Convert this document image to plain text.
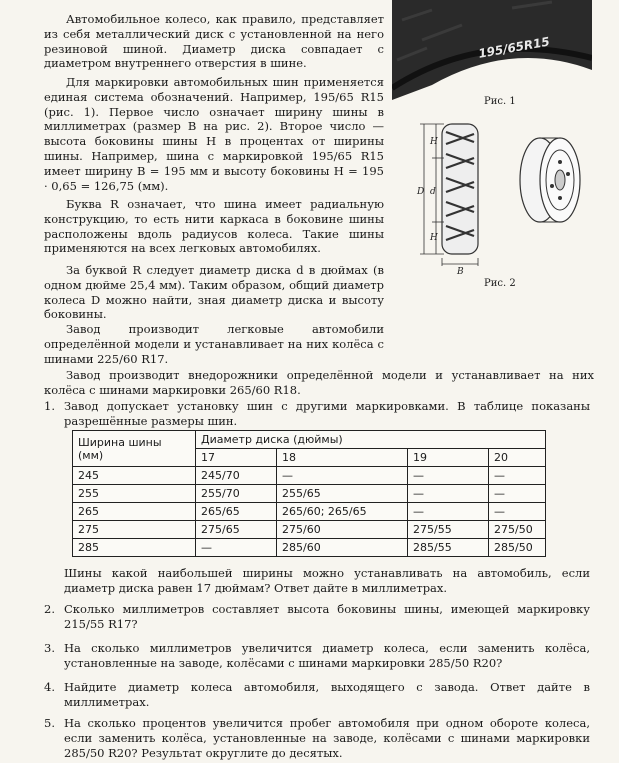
Автомобильное колесо, как правило, представляет из себя металлический диск с установленной на него резиновой шиной. Диаметр диска совпадает с диаметром внутреннего отверстия в шине.
Для маркировки автомобильных шин применяется единая система обозначений. Например, 195/65 R15 (рис. 1). Первое число означает ширину шины в миллиметрах (размер B на рис. 2). Второе число — высота боковины шины H в процентах от ширины шины. Например, шина с маркировкой 195/65 R15 имеет ширину B = 195 мм и высоту боковины H = 195 · 0,65 = 126,75 (мм).
Буква R означает, что шина имеет радиальную конструкцию, то есть нити каркаса в боковине шины расположены вдоль радиусов колеса. Такие шины применяются на всех легковых автомобилях.
За буквой R следует диаметр диска d в дюймах (в одном дюйме 25,4 мм). Таким образом, общий диаметр колеса D можно найти, зная диаметр диска и высоту боковины.
Завод производит легковые автомобили определённой модели и устанавливает на них колёса с шинами 225/60 R17.
Завод производит внедорожники определённой модели и устанавливает на них колёса с шинами маркировки 265/60 R18.
195/65R15
Рис. 1
H
d
D
H
B
Рис. 2
1. Завод допускает установку шин с другими маркировками. В таблице показаны разрешённые размеры шин.
Ширина шины (мм)	Диаметр диска (дюймы)			
	17	18	19	20
245	245/70	—	—	—
255	255/70	255/65	—	—
265	265/65	265/60; 265/65	—	—
275	275/65	275/60	275/55	275/50
285	—	285/60	285/55	285/50
Шины какой наибольшей ширины можно устанавливать на автомобиль, если диаметр диска равен 17 дюймам? Ответ дайте в миллиметрах.
2. Сколько миллиметров составляет высота боковины шины, имеющей маркировку 215/55 R17?
3. На сколько миллиметров увеличится диаметр колеса, если заменить колёса, установленные на заводе, колёсами с шинами маркировки 285/50 R20?
4. Найдите диаметр колеса автомобиля, выходящего с завода. Ответ дайте в миллиметрах.
5. На сколько процентов увеличится пробег автомобиля при одном обороте колеса, если заменить колёса, установленные на заводе, колёсами с шинами маркировки 285/50 R20? Результат округлите до десятых.
